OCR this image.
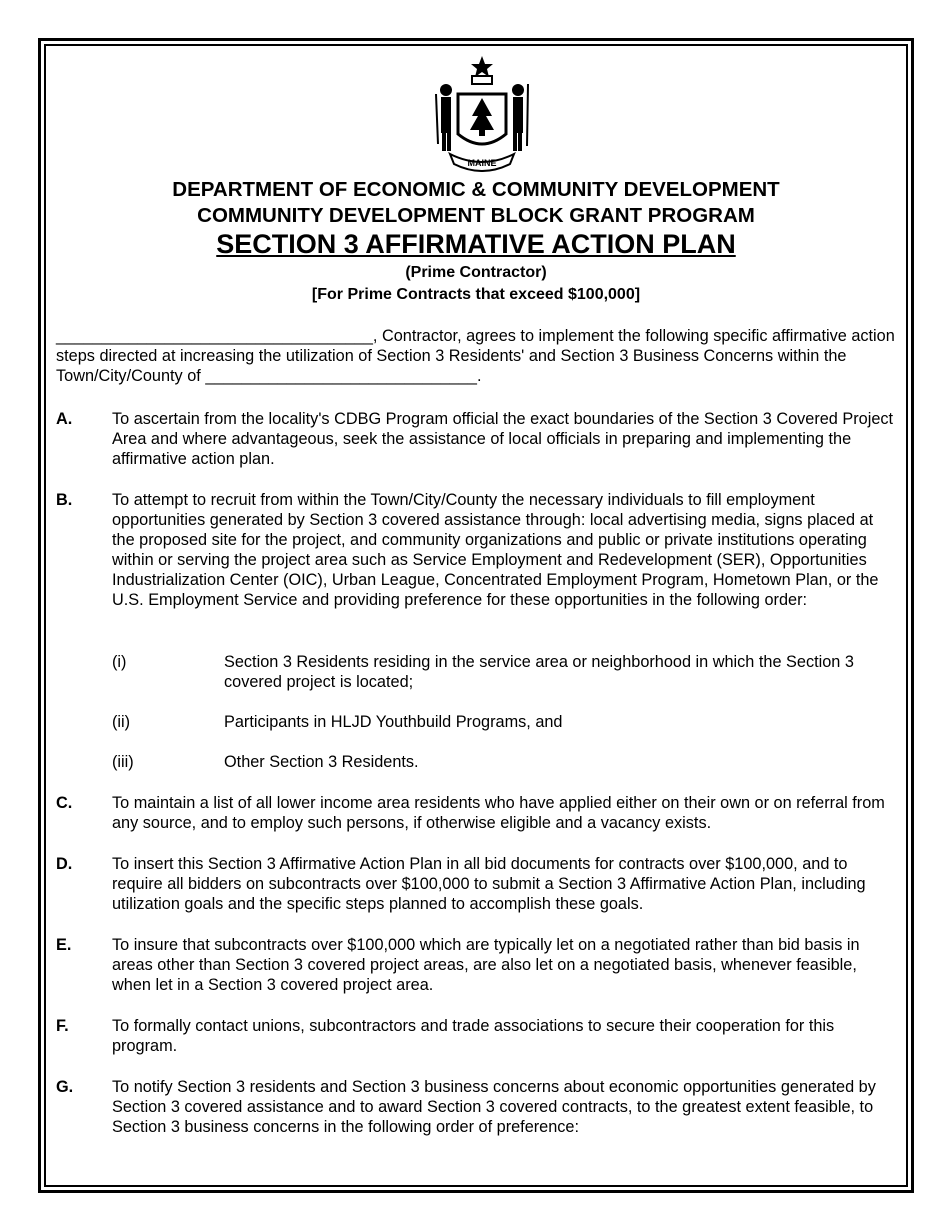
MAINE
DEPARTMENT OF ECONOMIC & COMMUNITY DEVELOPMENT
COMMUNITY DEVELOPMENT BLOCK GRANT PROGRAM
SECTION 3 AFFIRMATIVE ACTION PLAN
(Prime Contractor)
[For Prime Contracts that exceed $100,000]
___________________________________, Contractor, agrees to implement the following specific affirmative action steps directed at increasing the utilization of Section 3 Residents' and Section 3 Business Concerns within the Town/City/County of ______________________________.
A. To ascertain from the locality's CDBG Program official the exact boundaries of the Section 3 Covered Project Area and where advantageous, seek the assistance of local officials in preparing and implementing the affirmative action plan.
B. To attempt to recruit from within the Town/City/County the necessary individuals to fill employment opportunities generated by Section 3 covered assistance through: local advertising media, signs placed at the proposed site for the project, and community organizations and public or private institutions operating within or serving the project area such as Service Employment and Redevelopment (SER), Opportunities Industrialization Center (OIC), Urban League, Concentrated Employment Program, Hometown Plan, or the U.S. Employment Service and providing preference for these opportunities in the following order:
(i)	Section 3 Residents residing in the service area or neighborhood in which the Section 3 covered project is located;
(ii)	Participants in HLJD Youthbuild Programs, and
(iii)	Other Section 3 Residents.
C. To maintain a list of all lower income area residents who have applied either on their own or on referral from any source, and to employ such persons, if otherwise eligible and a vacancy exists.
D. To insert this Section 3 Affirmative Action Plan in all bid documents for contracts over $100,000, and to require all bidders on subcontracts over $100,000 to submit a Section 3 Affirmative Action Plan, including utilization goals and the specific steps planned to accomplish these goals.
E. To insure that subcontracts over $100,000 which are typically let on a negotiated rather than bid basis in areas other than Section 3 covered project areas, are also let on a negotiated basis, whenever feasible, when let in a Section 3 covered project area.
F.	To formally contact unions, subcontractors and trade associations to secure their cooperation for this program.
G. To notify Section 3 residents and Section 3 business concerns about economic opportunities generated by Section 3 covered assistance and to award Section 3 covered contracts, to the greatest extent feasible, to Section 3 business concerns in the following order of preference:
